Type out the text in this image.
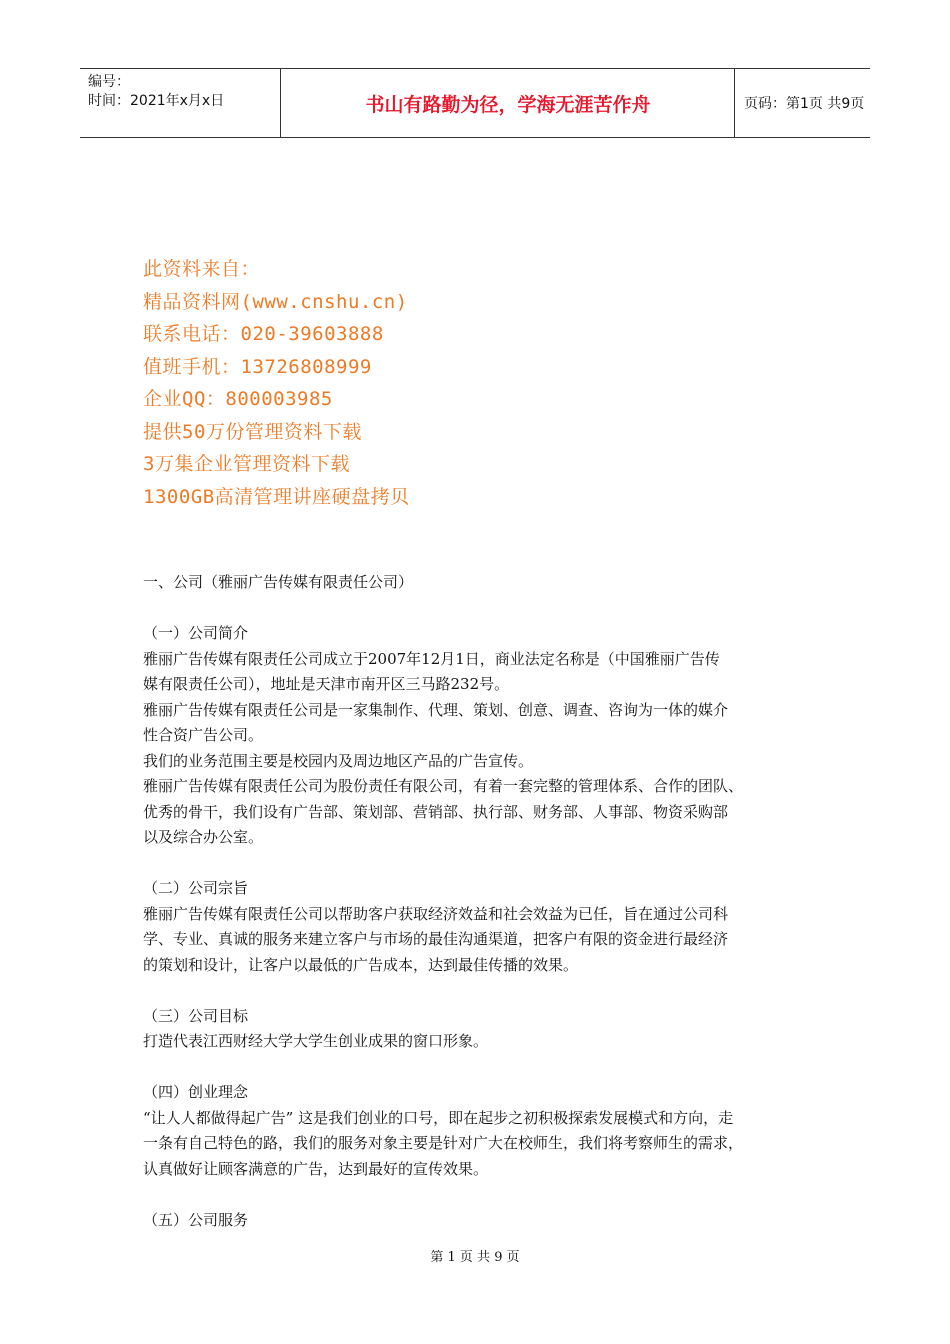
编号：
时间：2021年x月x日	书山有路勤为径，学海无涯苦作舟	页码：第1页 共9页
此资料来自：
精品资料网(www.cnshu.cn)
联系电话：020-39603888
值班手机：13726808999
企业QQ：800003985
提供50万份管理资料下载
3万集企业管理资料下载
1300GB高清管理讲座硬盘拷贝

一、公司（雅丽广告传媒有限责任公司）

（一）公司简介

雅丽广告传媒有限责任公司成立于2007年12月1日，商业法定名称是（中国雅丽广告传

媒有限责任公司），地址是天津市南开区三马路232号。

雅丽广告传媒有限责任公司是一家集制作、代理、策划、创意、调查、咨询为一体的媒介

性合资广告公司。

我们的业务范围主要是校园内及周边地区产品的广告宣传。

雅丽广告传媒有限责任公司为股份责任有限公司，有着一套完整的管理体系、合作的团队、

优秀的骨干，我们设有广告部、策划部、营销部、执行部、财务部、人事部、物资采购部

以及综合办公室。

（二）公司宗旨

雅丽广告传媒有限责任公司以帮助客户获取经济效益和社会效益为已任，旨在通过公司科

学、专业、真诚的服务来建立客户与市场的最佳沟通渠道，把客户有限的资金进行最经济

的策划和设计，让客户以最低的广告成本，达到最佳传播的效果。

（三）公司目标

打造代表江西财经大学大学生创业成果的窗口形象。

（四）创业理念

“让人人都做得起广告” 这是我们创业的口号，即在起步之初积极探索发展模式和方向，走

一条有自己特色的路，我们的服务对象主要是针对广大在校师生，我们将考察师生的需求，

认真做好让顾客满意的广告，达到最好的宣传效果。

（五）公司服务

第 1 页 共 9 页
